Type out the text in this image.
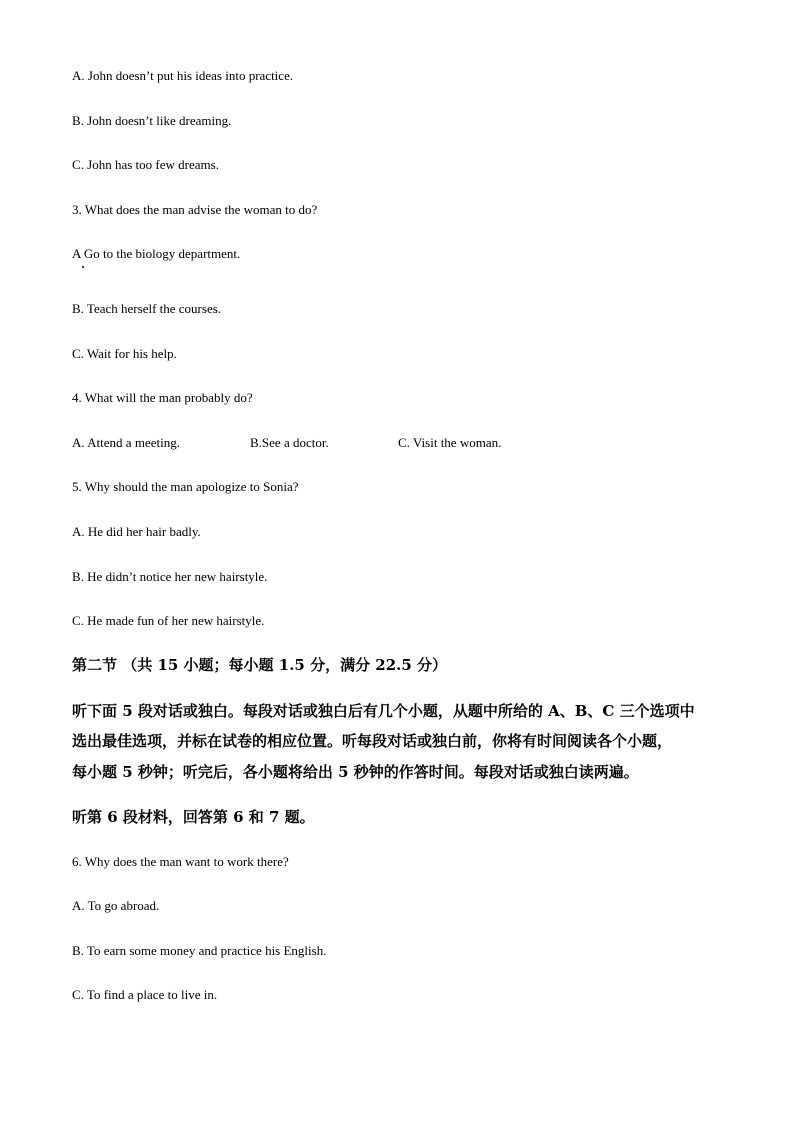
A. John doesn’t put his ideas into practice.
B. John doesn’t like dreaming.
C. John has too few dreams.
3. What does the man advise the woman to do?
A Go to the biology department.
B. Teach herself the courses.
C. Wait for his help.
4. What will the man probably do?
A. Attend a meeting.	B.See a doctor.	C. Visit the woman.
5. Why should the man apologize to Sonia?
A. He did her hair badly.
B. He didn’t notice her new hairstyle.
C. He made fun of her new hairstyle.
第二节 （共 15 小题；每小题 1.5 分，满分 22.5 分）
听下面 5 段对话或独白。每段对话或独白后有几个小题，从题中所给的 A、B、C 三个选项中
选出最佳选项，并标在试卷的相应位置。听每段对话或独白前，你将有时间阅读各个小题，
每小题 5 秒钟；听完后，各小题将给出 5 秒钟的作答时间。每段对话或独白读两遍。
听第 6 段材料，回答第 6 和 7 题。
6. Why does the man want to work there?
A. To go abroad.
B. To earn some money and practice his English.
C. To find a place to live in.
